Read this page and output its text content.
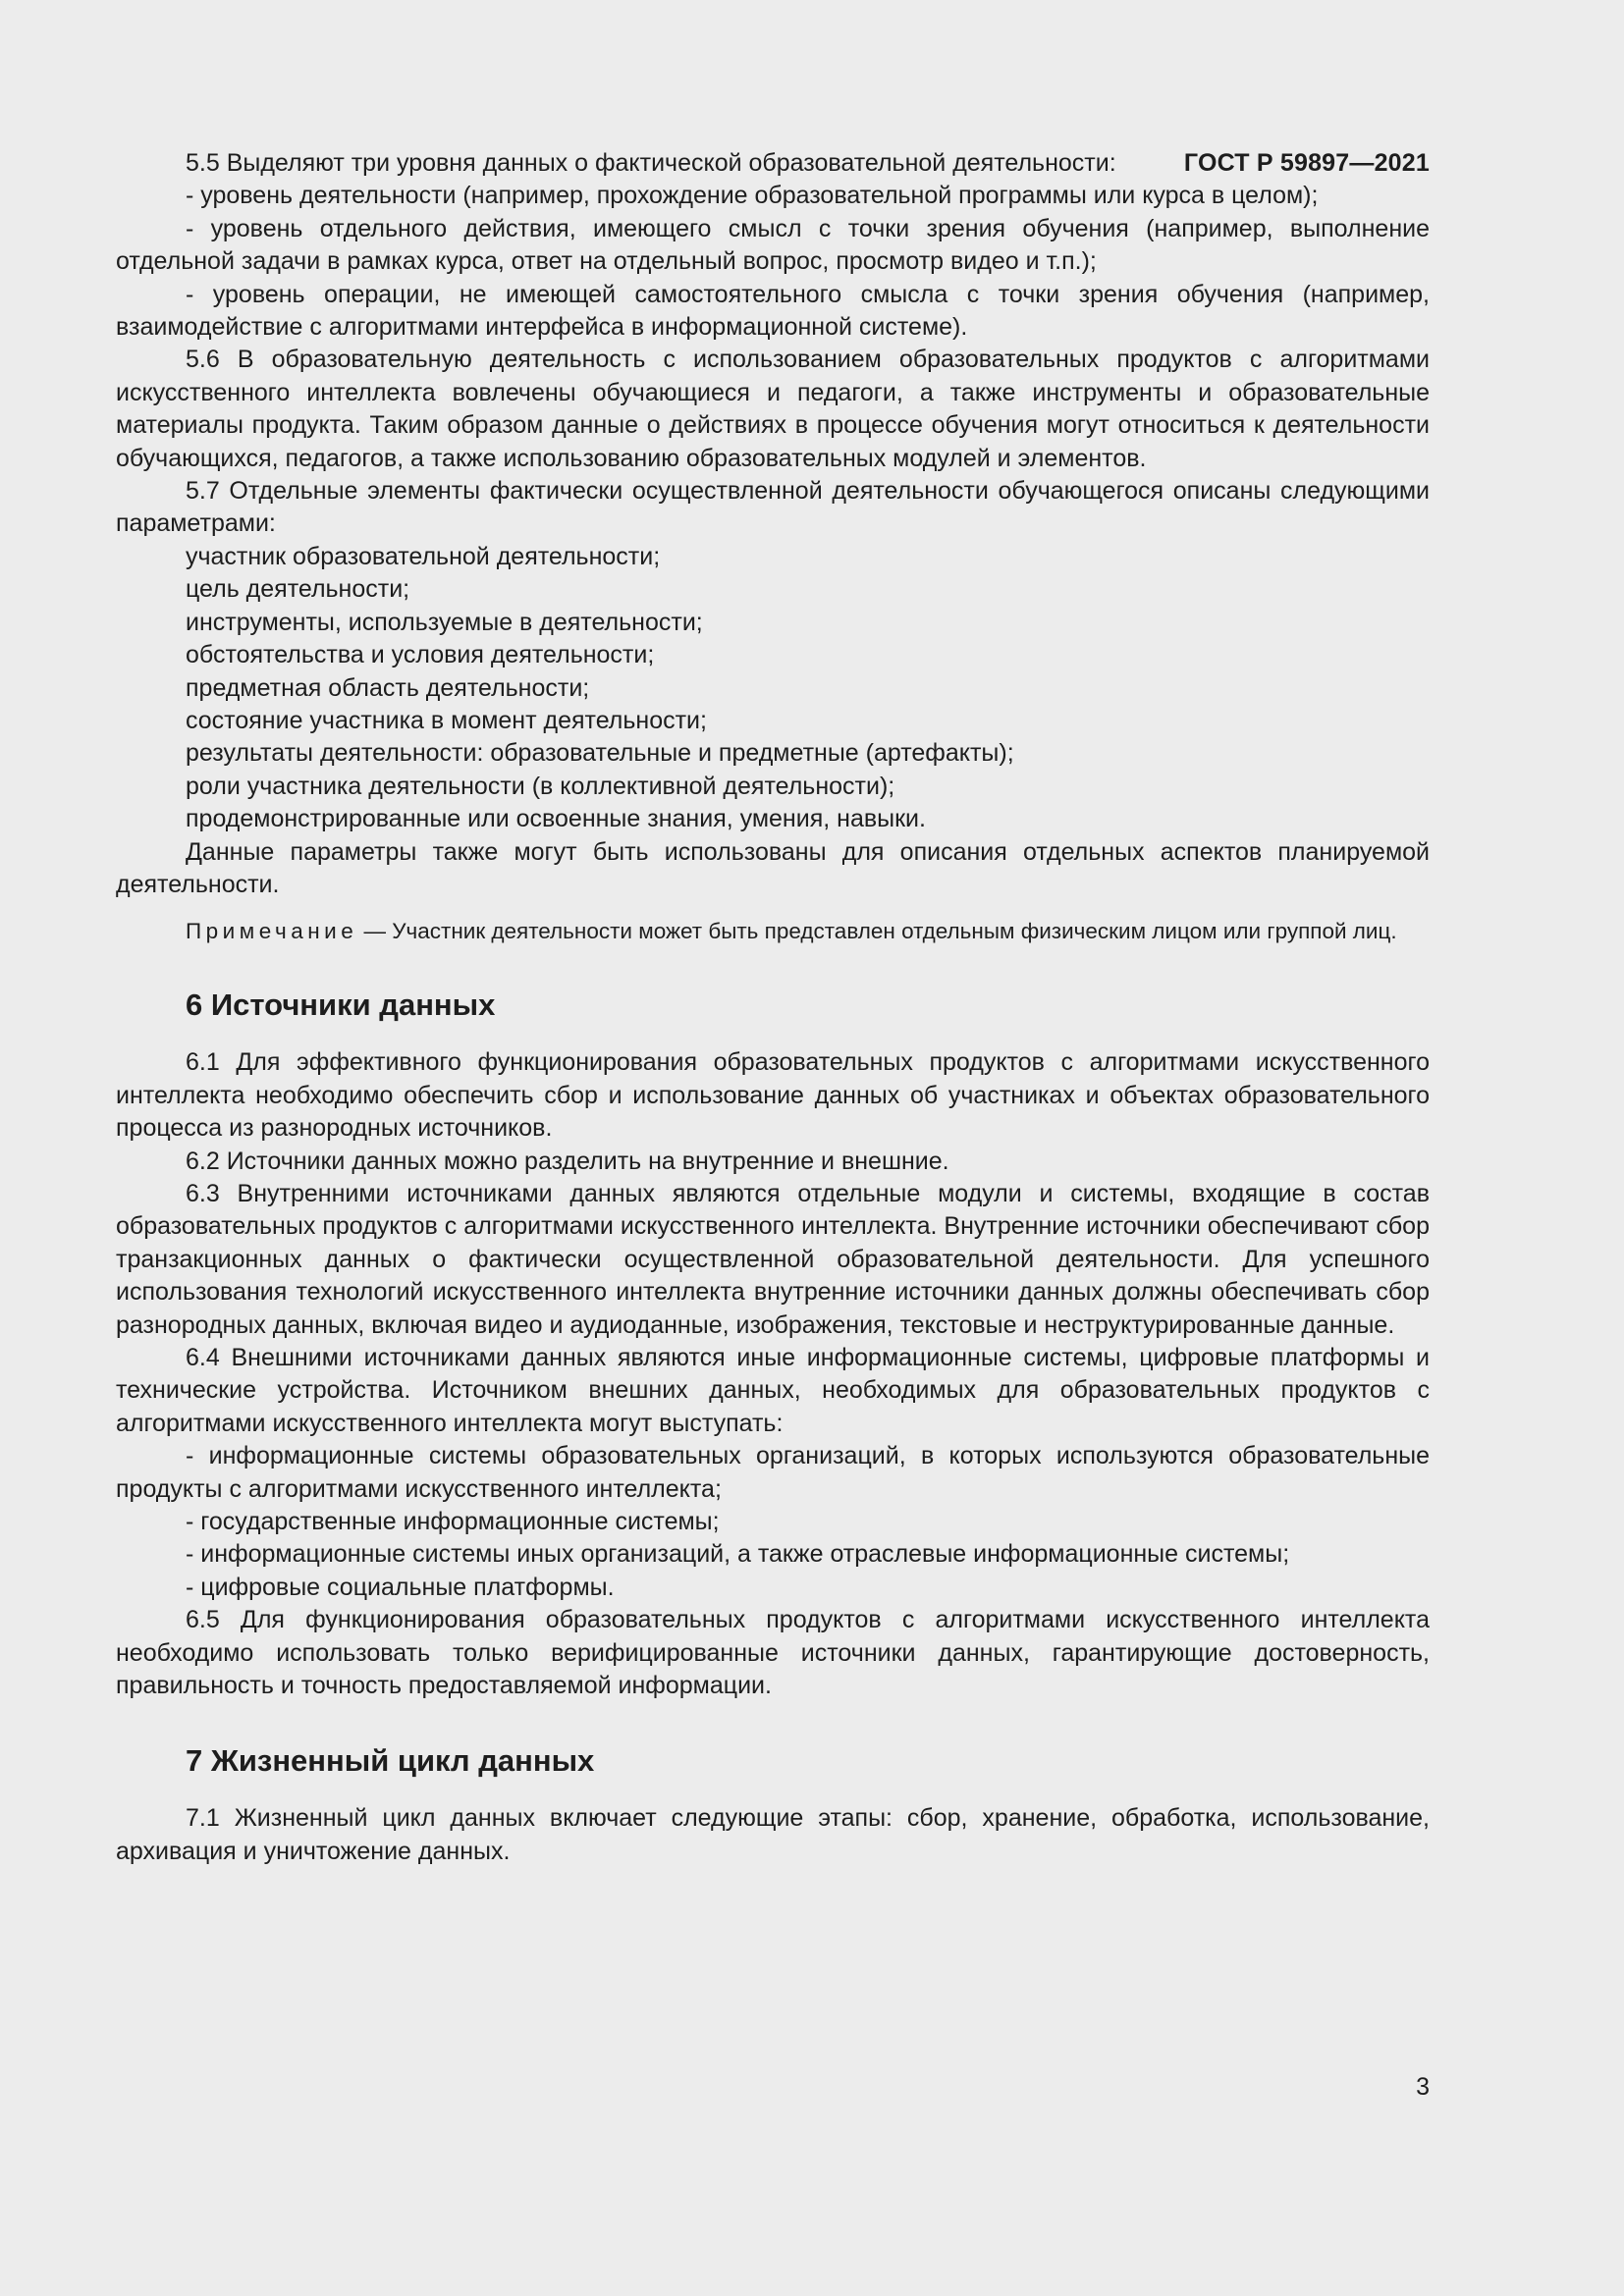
ГОСТ Р 59897—2021

5.5 Выделяют три уровня данных о фактической образовательной деятельности:

- уровень деятельности (например, прохождение образовательной программы или курса в целом);

- уровень отдельного действия, имеющего смысл с точки зрения обучения (например, выполнение отдельной задачи в рамках курса, ответ на отдельный вопрос, просмотр видео и т.п.);

- уровень операции, не имеющей самостоятельного смысла с точки зрения обучения (например, взаимодействие с алгоритмами интерфейса в информационной системе).

5.6 В образовательную деятельность с использованием образовательных продуктов с алгоритмами искусственного интеллекта вовлечены обучающиеся и педагоги, а также инструменты и образовательные материалы продукта. Таким образом данные о действиях в процессе обучения могут относиться к деятельности обучающихся, педагогов, а также использованию образовательных модулей и элементов.

5.7 Отдельные элементы фактически осуществленной деятельности обучающегося описаны следующими параметрами:

участник образовательной деятельности;

цель деятельности;

инструменты, используемые в деятельности;

обстоятельства и условия деятельности;

предметная область деятельности;

состояние участника в момент деятельности;

результаты деятельности: образовательные и предметные (артефакты);

роли участника деятельности (в коллективной деятельности);

продемонстрированные или освоенные знания, умения, навыки.

Данные параметры также могут быть использованы для описания отдельных аспектов планируемой деятельности.

Примечание — Участник деятельности может быть представлен отдельным физическим лицом или группой лиц.

6 Источники данных

6.1 Для эффективного функционирования образовательных продуктов с алгоритмами искусственного интеллекта необходимо обеспечить сбор и использование данных об участниках и объектах образовательного процесса из разнородных источников.

6.2 Источники данных можно разделить на внутренние и внешние.

6.3 Внутренними источниками данных являются отдельные модули и системы, входящие в состав образовательных продуктов с алгоритмами искусственного интеллекта. Внутренние источники обеспечивают сбор транзакционных данных о фактически осуществленной образовательной деятельности. Для успешного использования технологий искусственного интеллекта внутренние источники данных должны обеспечивать сбор разнородных данных, включая видео и аудиоданные, изображения, текстовые и неструктурированные данные.

6.4 Внешними источниками данных являются иные информационные системы, цифровые платформы и технические устройства. Источником внешних данных, необходимых для образовательных продуктов с алгоритмами искусственного интеллекта могут выступать:

- информационные системы образовательных организаций, в которых используются образовательные продукты с алгоритмами искусственного интеллекта;

- государственные информационные системы;

- информационные системы иных организаций, а также отраслевые информационные системы;

- цифровые социальные платформы.

6.5 Для функционирования образовательных продуктов с алгоритмами искусственного интеллекта необходимо использовать только верифицированные источники данных, гарантирующие достоверность, правильность и точность предоставляемой информации.

7 Жизненный цикл данных

7.1 Жизненный цикл данных включает следующие этапы: сбор, хранение, обработка, использование, архивация и уничтожение данных.

3
